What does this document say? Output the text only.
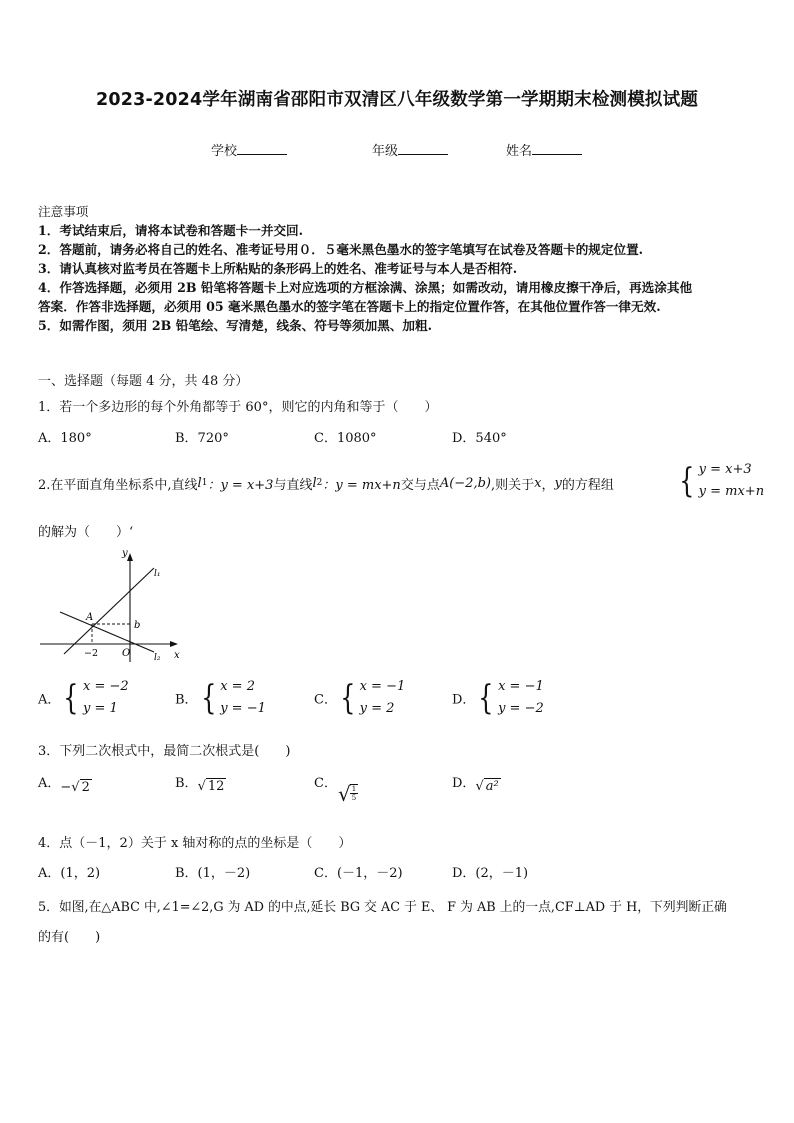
2023-2024学年湖南省邵阳市双清区八年级数学第一学期期末检测模拟试题
学校	年级	姓名
注意事项
1．考试结束后，请将本试卷和答题卡一并交回.
2．答题前，请务必将自己的姓名、准考证号用０．５毫米黑色墨水的签字笔填写在试卷及答题卡的规定位置.
3．请认真核对监考员在答题卡上所粘贴的条形码上的姓名、准考证号与本人是否相符.
4．作答选择题，必须用 2B 铅笔将答题卡上对应选项的方框涂满、涂黑；如需改动，请用橡皮擦干净后，再选涂其他
答案．作答非选择题，必须用 05 毫米黑色墨水的签字笔在答题卡上的指定位置作答，在其他位置作答一律无效.
5．如需作图，须用 2B 铅笔绘、写清楚，线条、符号等须加黑、加粗.
一、选择题（每题 4 分，共 48 分）
1．若一个多边形的每个外角都等于 60°，则它的内角和等于（　　）
A．180°	B．720°	C．1080°	D．540°
2.在平面直角坐标系中,直线 l 1 ：y = x+3 与直线 l 2 ：y = mx+n 交与点 A(−2,b) ,则关于 x ， y 的方程组 { y = x+3
y = mx+n
的解为（　　）‘
y
x
l₁
l₂
A
b
−2 O
A．{ x = −2
y = 1
B．{ x = 2
y = −1
C．{ x = −1
y = 2
D．{ x = −1
y = −2
3．下列二次根式中，最简二次根式是(　　)
A．−√ 2	B．√ 12	C． √ $\frac{1}{5}$
D．√ a²
4．点（－1，2）关于 x 轴对称的点的坐标是（　　）
A．(1，2)	B．(1，－2)	C．(－1，－2)	D．(2，－1)
5．如图,在△ABC 中,∠1=∠2,G 为 AD 的中点,延长 BG 交 AC 于 E、 F 为 AB 上的一点,CF⊥AD 于 H，下列判断正确
的有(　　)
